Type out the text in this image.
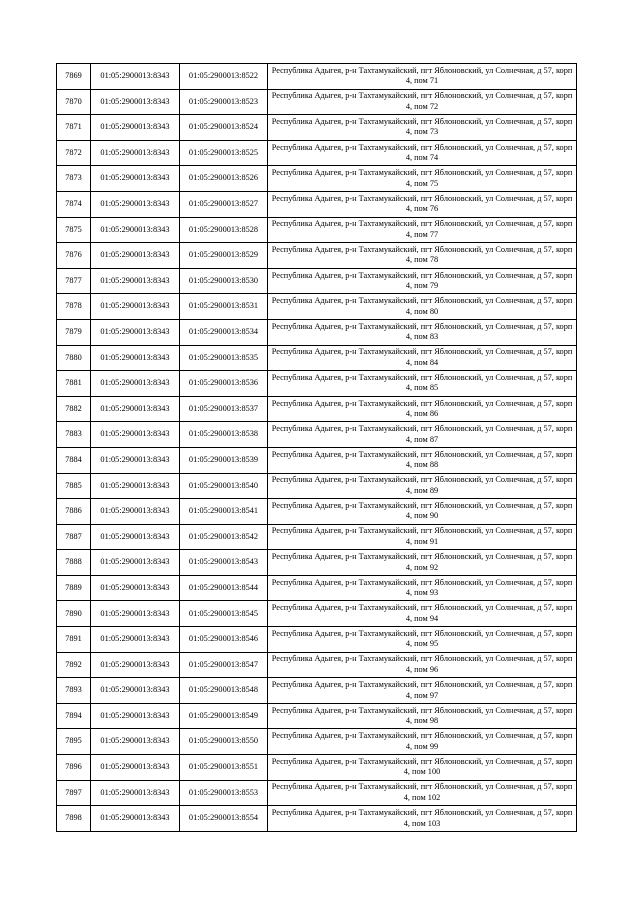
7869	01:05:2900013:8343	01:05:2900013:8522	Республика Адыгея, р-н Тахтамукайский, пгт Яблоновский, ул Солнечная, д 57, корп 4, пом 71
7870	01:05:2900013:8343	01:05:2900013:8523	Республика Адыгея, р-н Тахтамукайский, пгт Яблоновский, ул Солнечная, д 57, корп 4, пом 72
7871	01:05:2900013:8343	01:05:2900013:8524	Республика Адыгея, р-н Тахтамукайский, пгт Яблоновский, ул Солнечная, д 57, корп 4, пом 73
7872	01:05:2900013:8343	01:05:2900013:8525	Республика Адыгея, р-н Тахтамукайский, пгт Яблоновский, ул Солнечная, д 57, корп 4, пом 74
7873	01:05:2900013:8343	01:05:2900013:8526	Республика Адыгея, р-н Тахтамукайский, пгт Яблоновский, ул Солнечная, д 57, корп 4, пом 75
7874	01:05:2900013:8343	01:05:2900013:8527	Республика Адыгея, р-н Тахтамукайский, пгт Яблоновский, ул Солнечная, д 57, корп 4, пом 76
7875	01:05:2900013:8343	01:05:2900013:8528	Республика Адыгея, р-н Тахтамукайский, пгт Яблоновский, ул Солнечная, д 57, корп 4, пом 77
7876	01:05:2900013:8343	01:05:2900013:8529	Республика Адыгея, р-н Тахтамукайский, пгт Яблоновский, ул Солнечная, д 57, корп 4, пом 78
7877	01:05:2900013:8343	01:05:2900013:8530	Республика Адыгея, р-н Тахтамукайский, пгт Яблоновский, ул Солнечная, д 57, корп 4, пом 79
7878	01:05:2900013:8343	01:05:2900013:8531	Республика Адыгея, р-н Тахтамукайский, пгт Яблоновский, ул Солнечная, д 57, корп 4, пом 80
7879	01:05:2900013:8343	01:05:2900013:8534	Республика Адыгея, р-н Тахтамукайский, пгт Яблоновский, ул Солнечная, д 57, корп 4, пом 83
7880	01:05:2900013:8343	01:05:2900013:8535	Республика Адыгея, р-н Тахтамукайский, пгт Яблоновский, ул Солнечная, д 57, корп 4, пом 84
7881	01:05:2900013:8343	01:05:2900013:8536	Республика Адыгея, р-н Тахтамукайский, пгт Яблоновский, ул Солнечная, д 57, корп 4, пом 85
7882	01:05:2900013:8343	01:05:2900013:8537	Республика Адыгея, р-н Тахтамукайский, пгт Яблоновский, ул Солнечная, д 57, корп 4, пом 86
7883	01:05:2900013:8343	01:05:2900013:8538	Республика Адыгея, р-н Тахтамукайский, пгт Яблоновский, ул Солнечная, д 57, корп 4, пом 87
7884	01:05:2900013:8343	01:05:2900013:8539	Республика Адыгея, р-н Тахтамукайский, пгт Яблоновский, ул Солнечная, д 57, корп 4, пом 88
7885	01:05:2900013:8343	01:05:2900013:8540	Республика Адыгея, р-н Тахтамукайский, пгт Яблоновский, ул Солнечная, д 57, корп 4, пом 89
7886	01:05:2900013:8343	01:05:2900013:8541	Республика Адыгея, р-н Тахтамукайский, пгт Яблоновский, ул Солнечная, д 57, корп 4, пом 90
7887	01:05:2900013:8343	01:05:2900013:8542	Республика Адыгея, р-н Тахтамукайский, пгт Яблоновский, ул Солнечная, д 57, корп 4, пом 91
7888	01:05:2900013:8343	01:05:2900013:8543	Республика Адыгея, р-н Тахтамукайский, пгт Яблоновский, ул Солнечная, д 57, корп 4, пом 92
7889	01:05:2900013:8343	01:05:2900013:8544	Республика Адыгея, р-н Тахтамукайский, пгт Яблоновский, ул Солнечная, д 57, корп 4, пом 93
7890	01:05:2900013:8343	01:05:2900013:8545	Республика Адыгея, р-н Тахтамукайский, пгт Яблоновский, ул Солнечная, д 57, корп 4, пом 94
7891	01:05:2900013:8343	01:05:2900013:8546	Республика Адыгея, р-н Тахтамукайский, пгт Яблоновский, ул Солнечная, д 57, корп 4, пом 95
7892	01:05:2900013:8343	01:05:2900013:8547	Республика Адыгея, р-н Тахтамукайский, пгт Яблоновский, ул Солнечная, д 57, корп 4, пом 96
7893	01:05:2900013:8343	01:05:2900013:8548	Республика Адыгея, р-н Тахтамукайский, пгт Яблоновский, ул Солнечная, д 57, корп 4, пом 97
7894	01:05:2900013:8343	01:05:2900013:8549	Республика Адыгея, р-н Тахтамукайский, пгт Яблоновский, ул Солнечная, д 57, корп 4, пом 98
7895	01:05:2900013:8343	01:05:2900013:8550	Республика Адыгея, р-н Тахтамукайский, пгт Яблоновский, ул Солнечная, д 57, корп 4, пом 99
7896	01:05:2900013:8343	01:05:2900013:8551	Республика Адыгея, р-н Тахтамукайский, пгт Яблоновский, ул Солнечная, д 57, корп 4, пом 100
7897	01:05:2900013:8343	01:05:2900013:8553	Республика Адыгея, р-н Тахтамукайский, пгт Яблоновский, ул Солнечная, д 57, корп 4, пом 102
7898	01:05:2900013:8343	01:05:2900013:8554	Республика Адыгея, р-н Тахтамукайский, пгт Яблоновский, ул Солнечная, д 57, корп 4, пом 103
